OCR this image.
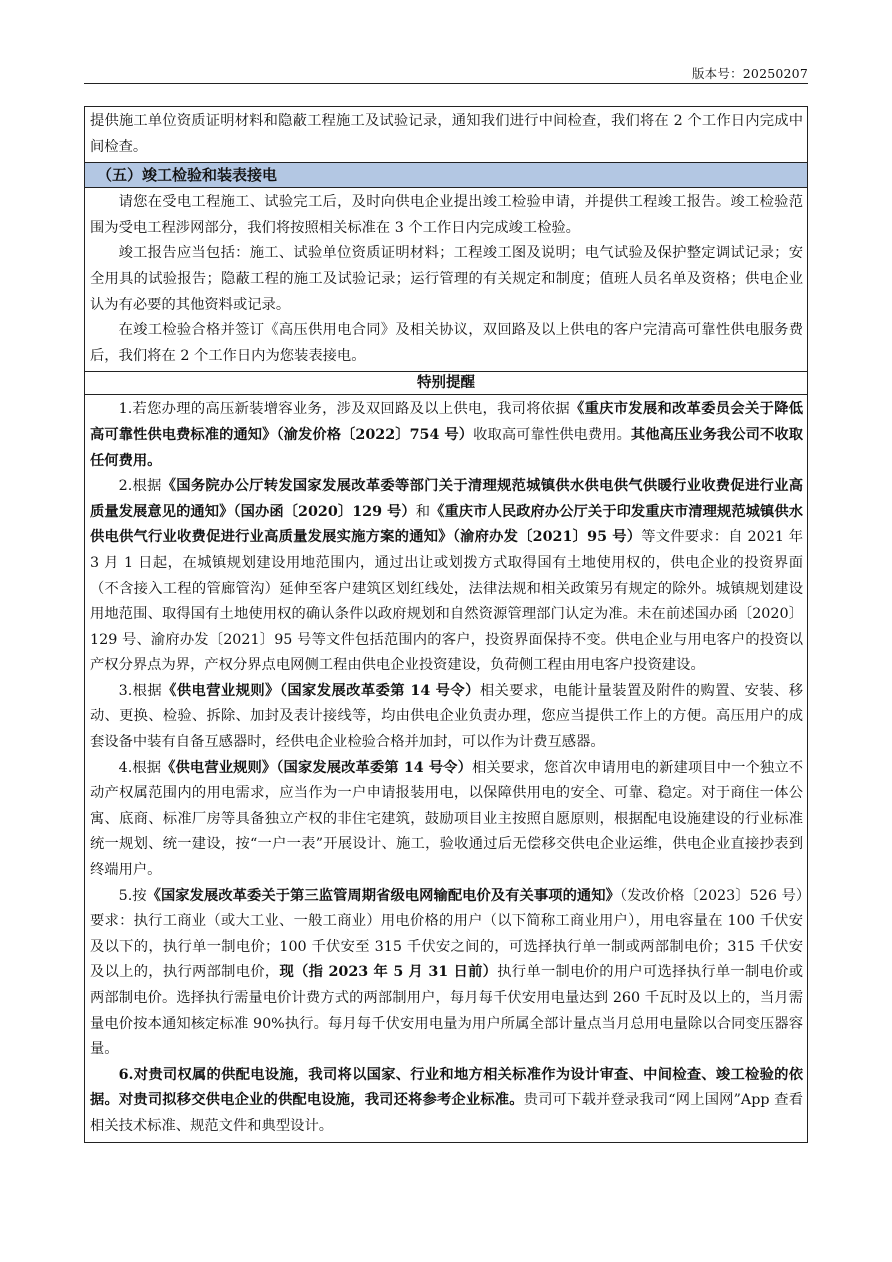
版本号：20250207

提供施工单位资质证明材料和隐蔽工程施工及试验记录，通知我们进行中间检查，我们将在 2 个工作日内完成中间检查。

（五）竣工检验和装表接电

请您在受电工程施工、试验完工后，及时向供电企业提出竣工检验申请，并提供工程竣工报告。竣工检验范围为受电工程涉网部分，我们将按照相关标准在 3 个工作日内完成竣工检验。

竣工报告应当包括：施工、试验单位资质证明材料；工程竣工图及说明；电气试验及保护整定调试记录；安全用具的试验报告；隐蔽工程的施工及试验记录；运行管理的有关规定和制度；值班人员名单及资格；供电企业认为有必要的其他资料或记录。

在竣工检验合格并签订《高压供用电合同》及相关协议，双回路及以上供电的客户完清高可靠性供电服务费后，我们将在 2 个工作日内为您装表接电。

特别提醒

1.若您办理的高压新装增容业务，涉及双回路及以上供电，我司将依据《重庆市发展和改革委员会关于降低高可靠性供电费标准的通知》（渝发价格〔2022〕754 号）收取高可靠性供电费用。其他高压业务我公司不收取任何费用。

2.根据《国务院办公厅转发国家发展改革委等部门关于清理规范城镇供水供电供气供暖行业收费促进行业高质量发展意见的通知》（国办函〔2020〕129 号）和《重庆市人民政府办公厅关于印发重庆市清理规范城镇供水供电供气行业收费促进行业高质量发展实施方案的通知》（渝府办发〔2021〕95 号）等文件要求：自 2021 年 3 月 1 日起，在城镇规划建设用地范围内，通过出让或划拨方式取得国有土地使用权的，供电企业的投资界面（不含接入工程的管廊管沟）延伸至客户建筑区划红线处，法律法规和相关政策另有规定的除外。城镇规划建设用地范围、取得国有土地使用权的确认条件以政府规划和自然资源管理部门认定为准。未在前述国办函〔2020〕129 号、渝府办发〔2021〕95 号等文件包括范围内的客户，投资界面保持不变。供电企业与用电客户的投资以产权分界点为界，产权分界点电网侧工程由供电企业投资建设，负荷侧工程由用电客户投资建设。

3.根据《供电营业规则》（国家发展改革委第 14 号令）相关要求，电能计量装置及附件的购置、安装、移动、更换、检验、拆除、加封及表计接线等，均由供电企业负责办理，您应当提供工作上的方便。高压用户的成套设备中装有自备互感器时，经供电企业检验合格并加封，可以作为计费互感器。

4.根据《供电营业规则》（国家发展改革委第 14 号令）相关要求，您首次申请用电的新建项目中一个独立不动产权属范围内的用电需求，应当作为一户申请报装用电，以保障供用电的安全、可靠、稳定。对于商住一体公寓、底商、标准厂房等具备独立产权的非住宅建筑，鼓励项目业主按照自愿原则，根据配电设施建设的行业标准统一规划、统一建设，按“一户一表”开展设计、施工，验收通过后无偿移交供电企业运维，供电企业直接抄表到终端用户。

5.按《国家发展改革委关于第三监管周期省级电网输配电价及有关事项的通知》（发改价格〔2023〕526 号）要求：执行工商业（或大工业、一般工商业）用电价格的用户（以下简称工商业用户），用电容量在 100 千伏安及以下的，执行单一制电价；100 千伏安至 315 千伏安之间的，可选择执行单一制或两部制电价；315 千伏安及以上的，执行两部制电价，现（指 2023 年 5 月 31 日前）执行单一制电价的用户可选择执行单一制电价或两部制电价。选择执行需量电价计费方式的两部制用户，每月每千伏安用电量达到 260 千瓦时及以上的，当月需量电价按本通知核定标准 90%执行。每月每千伏安用电量为用户所属全部计量点当月总用电量除以合同变压器容量。

6.对贵司权属的供配电设施，我司将以国家、行业和地方相关标准作为设计审查、中间检查、竣工检验的依据。对贵司拟移交供电企业的供配电设施，我司还将参考企业标准。贵司可下载并登录我司“网上国网”App 查看相关技术标准、规范文件和典型设计。
